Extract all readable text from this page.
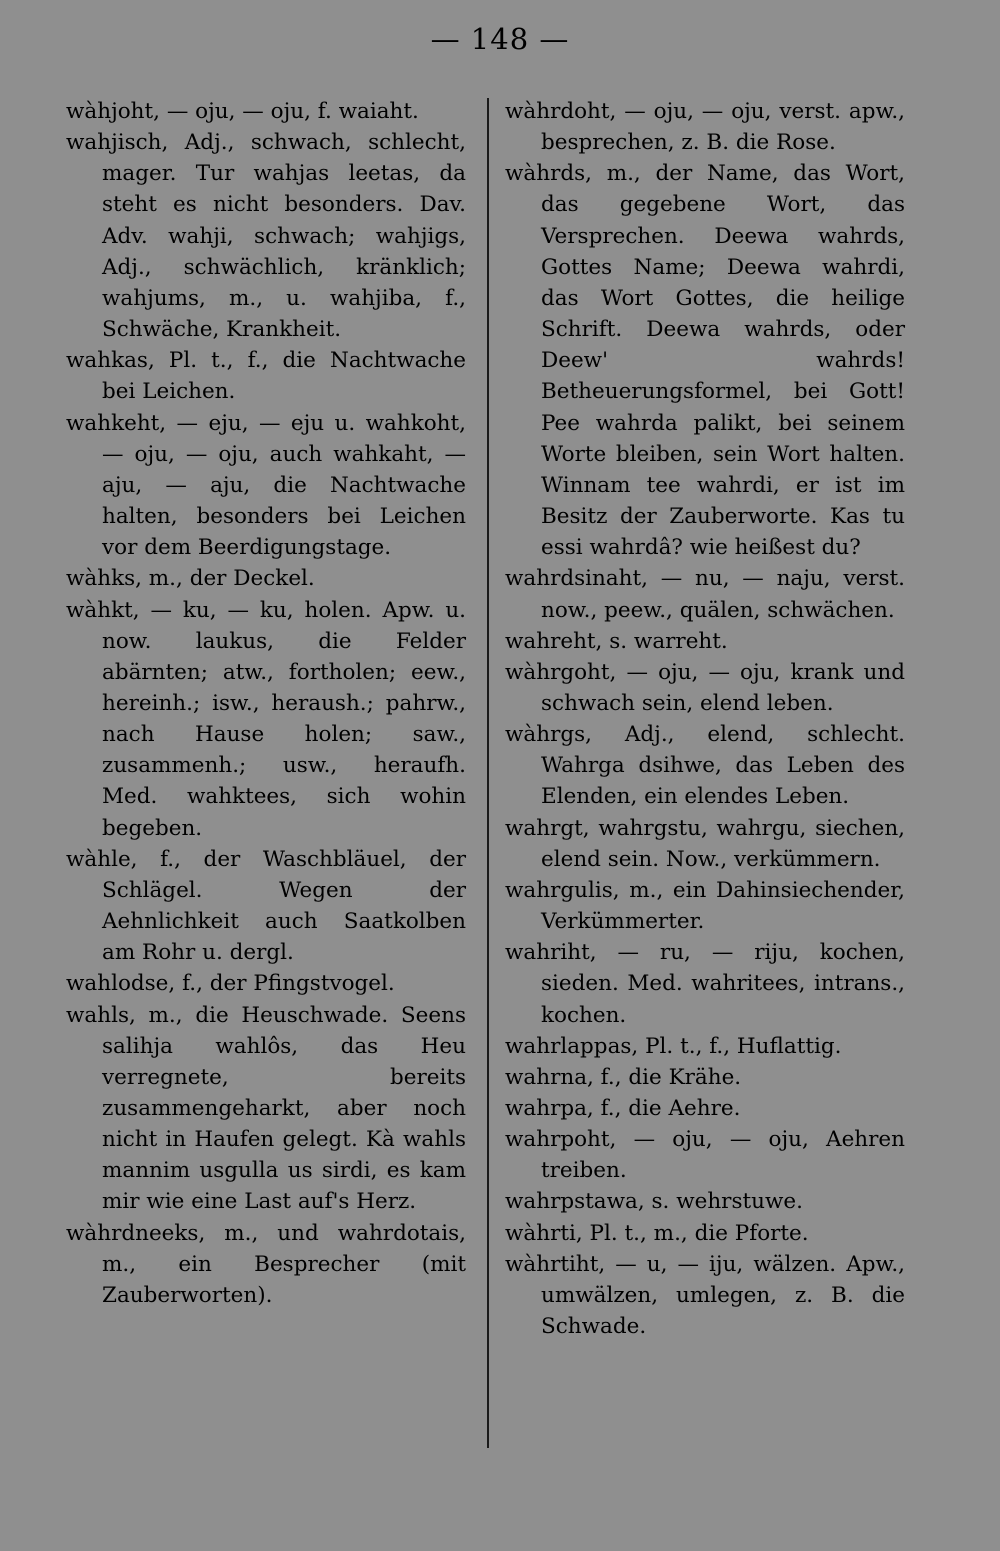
— 148 —

wàhjoht, — oju, — oju, f. waiaht.

wahjisch, Adj., schwach, schlecht, mager. Tur wahjas leetas, da steht es nicht besonders. Dav. Adv. wahji, schwach; wahjigs, Adj., schwächlich, kränklich; wahjums, m., u. wahjiba, f., Schwäche, Krankheit.

wahkas, Pl. t., f., die Nachtwache bei Leichen.

wahkeht, — eju, — eju u. wahkoht, — oju, — oju, auch wahkaht, — aju, — aju, die Nachtwache halten, besonders bei Leichen vor dem Beerdigungstage.

wàhks, m., der Deckel.

wàhkt, — ku, — ku, holen. Apw. u. now. laukus, die Felder abärnten; atw., fortholen; eew., hereinh.; isw., heraush.; pahrw., nach Hause holen; saw., zusammenh.; usw., heraufh. Med. wahktees, sich wohin begeben.

wàhle, f., der Waschbläuel, der Schlägel. Wegen der Aehnlichkeit auch Saatkolben am Rohr u. dergl.

wahlodse, f., der Pfingstvogel.

wahls, m., die Heuschwade. Seens salihja wahlôs, das Heu verregnete, bereits zusammengeharkt, aber noch nicht in Haufen gelegt. Kà wahls mannim usgulla us sirdi, es kam mir wie eine Last auf's Herz.

wàhrdneeks, m., und wahrdotais, m., ein Besprecher (mit Zauberworten).

wàhrdoht, — oju, — oju, verst. apw., besprechen, z. B. die Rose.

wàhrds, m., der Name, das Wort, das gegebene Wort, das Versprechen. Deewa wahrds, Gottes Name; Deewa wahrdi, das Wort Gottes, die heilige Schrift. Deewa wahrds, oder Deew' wahrds! Betheuerungsformel, bei Gott! Pee wahrda palikt, bei seinem Worte bleiben, sein Wort halten. Winnam tee wahrdi, er ist im Besitz der Zauberworte. Kas tu essi wahrdâ? wie heißest du?

wahrdsinaht, — nu, — naju, verst. now., peew., quälen, schwächen.

wahreht, s. warreht.

wàhrgoht, — oju, — oju, krank und schwach sein, elend leben.

wàhrgs, Adj., elend, schlecht. Wahrga dsihwe, das Leben des Elenden, ein elendes Leben.

wahrgt, wahrgstu, wahrgu, siechen, elend sein. Now., verkümmern.

wahrgulis, m., ein Dahinsiechender, Verkümmerter.

wahriht, — ru, — riju, kochen, sieden. Med. wahritees, intrans., kochen.

wahrlappas, Pl. t., f., Huflattig.

wahrna, f., die Krähe.

wahrpa, f., die Aehre.

wahrpoht, — oju, — oju, Aehren treiben.

wahrpstawa, s. wehrstuwe.

wàhrti, Pl. t., m., die Pforte.

wàhrtiht, — u, — iju, wälzen. Apw., umwälzen, umlegen, z. B. die Schwade.
